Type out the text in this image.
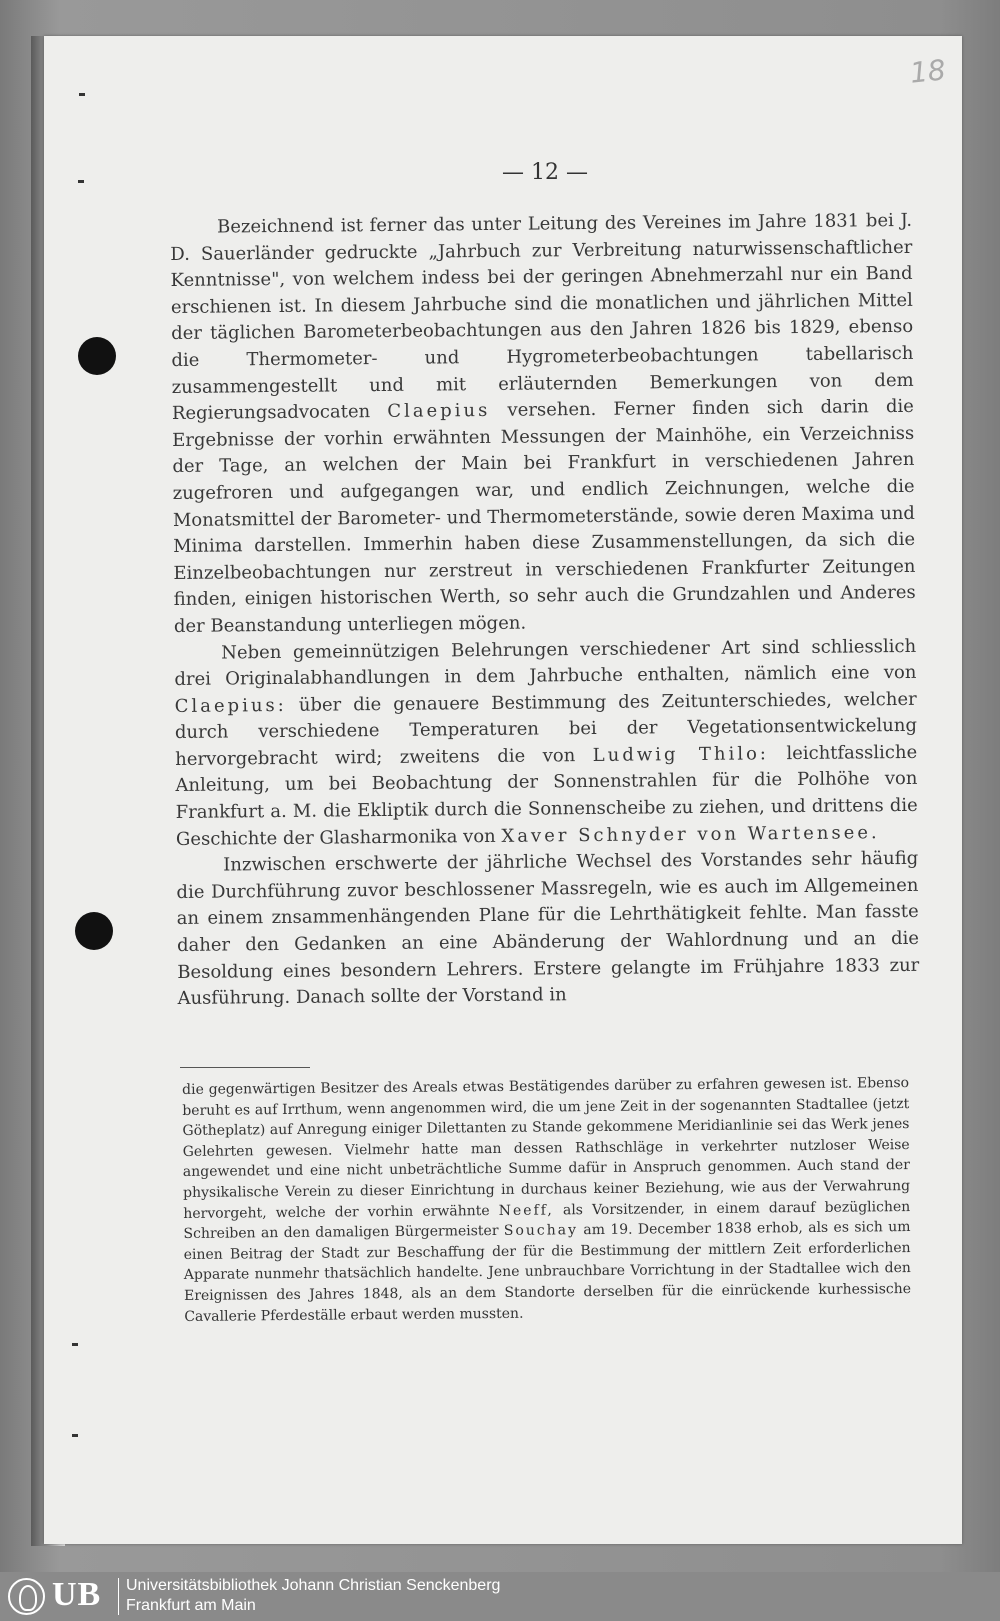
18
— 12 —

Bezeichnend ist ferner das unter Leitung des Vereines im Jahre 1831 bei J. D. Sauerländer gedruckte „Jahrbuch zur Verbreitung naturwissenschaftlicher Kenntnisse", von welchem indess bei der geringen Abnehmerzahl nur ein Band erschienen ist. In diesem Jahrbuche sind die monatlichen und jährlichen Mittel der täglichen Barometerbeobachtungen aus den Jahren 1826 bis 1829, ebenso die Thermometer- und Hygrometerbeobachtungen tabellarisch zusammengestellt und mit erläuternden Bemerkungen von dem Regierungsadvocaten Claepius versehen. Ferner finden sich darin die Ergebnisse der vorhin erwähnten Messungen der Mainhöhe, ein Verzeichniss der Tage, an welchen der Main bei Frankfurt in verschiedenen Jahren zugefroren und aufgegangen war, und endlich Zeichnungen, welche die Monatsmittel der Barometer- und Thermometerstände, sowie deren Maxima und Minima darstellen. Immerhin haben diese Zusammenstellungen, da sich die Einzelbeobachtungen nur zerstreut in verschiedenen Frankfurter Zeitungen finden, einigen historischen Werth, so sehr auch die Grundzahlen und Anderes der Beanstandung unterliegen mögen.

Neben gemeinnützigen Belehrungen verschiedener Art sind schliesslich drei Originalabhandlungen in dem Jahrbuche enthalten, nämlich eine von Claepius: über die genauere Bestimmung des Zeitunterschiedes, welcher durch verschiedene Temperaturen bei der Vegetationsentwickelung hervorgebracht wird; zweitens die von Ludwig Thilo: leichtfassliche Anleitung, um bei Beobachtung der Sonnenstrahlen für die Polhöhe von Frankfurt a. M. die Ekliptik durch die Sonnenscheibe zu ziehen, und drittens die Geschichte der Glasharmonika von Xaver Schnyder von Wartensee.

Inzwischen erschwerte der jährliche Wechsel des Vorstandes sehr häufig die Durchführung zuvor beschlossener Massregeln, wie es auch im Allgemeinen an einem znsammenhängenden Plane für die Lehrthätigkeit fehlte. Man fasste daher den Gedanken an eine Abänderung der Wahlordnung und an die Besoldung eines besondern Lehrers. Erstere gelangte im Frühjahre 1833 zur Ausführung. Danach sollte der Vorstand in

die gegenwärtigen Besitzer des Areals etwas Bestätigendes darüber zu erfahren gewesen ist. Ebenso beruht es auf Irrthum, wenn angenommen wird, die um jene Zeit in der sogenannten Stadtallee (jetzt Götheplatz) auf Anregung einiger Dilettanten zu Stande gekommene Meridianlinie sei das Werk jenes Gelehrten gewesen. Vielmehr hatte man dessen Rathschläge in verkehrter nutzloser Weise angewendet und eine nicht unbeträchtliche Summe dafür in Anspruch genommen. Auch stand der physikalische Verein zu dieser Einrichtung in durchaus keiner Beziehung, wie aus der Verwahrung hervorgeht, welche der vorhin erwähnte Neeff, als Vorsitzender, in einem darauf bezüglichen Schreiben an den damaligen Bürgermeister Souchay am 19. December 1838 erhob, als es sich um einen Beitrag der Stadt zur Beschaffung der für die Bestimmung der mittlern Zeit erforderlichen Apparate nunmehr thatsächlich handelte. Jene unbrauchbare Vorrichtung in der Stadtallee wich den Ereignissen des Jahres 1848, als an dem Standorte derselben für die einrückende kurhessische Cavallerie Pferdeställe erbaut werden mussten.

UB Universitätsbibliothek Johann Christian Senckenberg
Frankfurt am Main
